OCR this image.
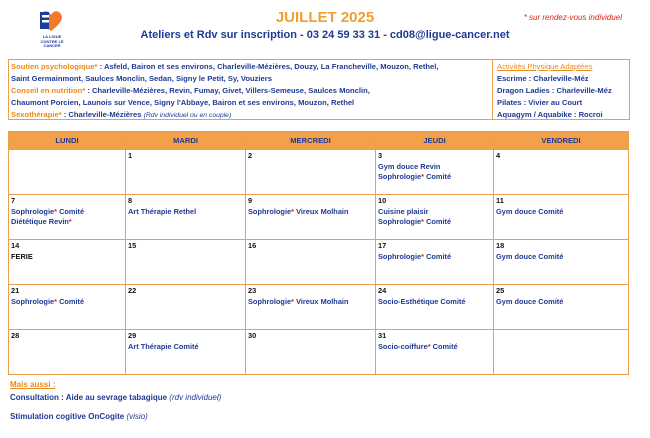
LA LIGUE CONTRE LE CANCER
JUILLET 2025
Ateliers et Rdv sur inscription - 03 24 59 33 31 - cd08@ligue-cancer.net
* sur rendez-vous individuel
Soutien psychologique* : Asfeld, Bairon et ses environs, Charleville-Mézières, Douzy, La Francheville, Mouzon, Rethel,
Saint Germainmont, Saulces Monclin, Sedan, Signy le Petit, Sy, Vouziers
Conseil en nutrition* : Charleville-Mézières, Revin, Fumay, Givet, Villers-Semeuse, Saulces Monclin,
Chaumont Porcien, Launois sur Vence, Signy l'Abbaye, Bairon et ses environs, Mouzon, Rethel
Sexothérapie* : Charleville-Mézières (Rdv individuel ou en couple)
Activités Physique Adaptées
Escrime : Charleville-Méz
Dragon Ladies : Charleville-Méz
Pilates : Vivier au Court
Aquagym / Aquabike : Rocroi
LUNDI	MARDI	MERCREDI	JEUDI	VENDREDI

	1	2	3
Gym douce Revin
Sophrologie* Comité	4

7
Sophrologie* Comité
Diététique Revin*	8
Art Thérapie Rethel	9
Sophrologie* Vireux Molhain	10
Cuisine plaisir
Sophrologie* Comité	11
Gym douce Comité

14
FERIE	15	16	17
Sophrologie* Comité	18
Gym douce Comité

21
Sophrologie* Comité	22	23
Sophrologie* Vireux Molhain	24
Socio-Esthétique Comité	25
Gym douce Comité

28	29
Art Thérapie Comité	30	31
Socio-coiffure* Comité	

Mais aussi :
Consultation : Aide au sevrage tabagique (rdv individuel)
Stimulation cogitive OnCogite (visio)
